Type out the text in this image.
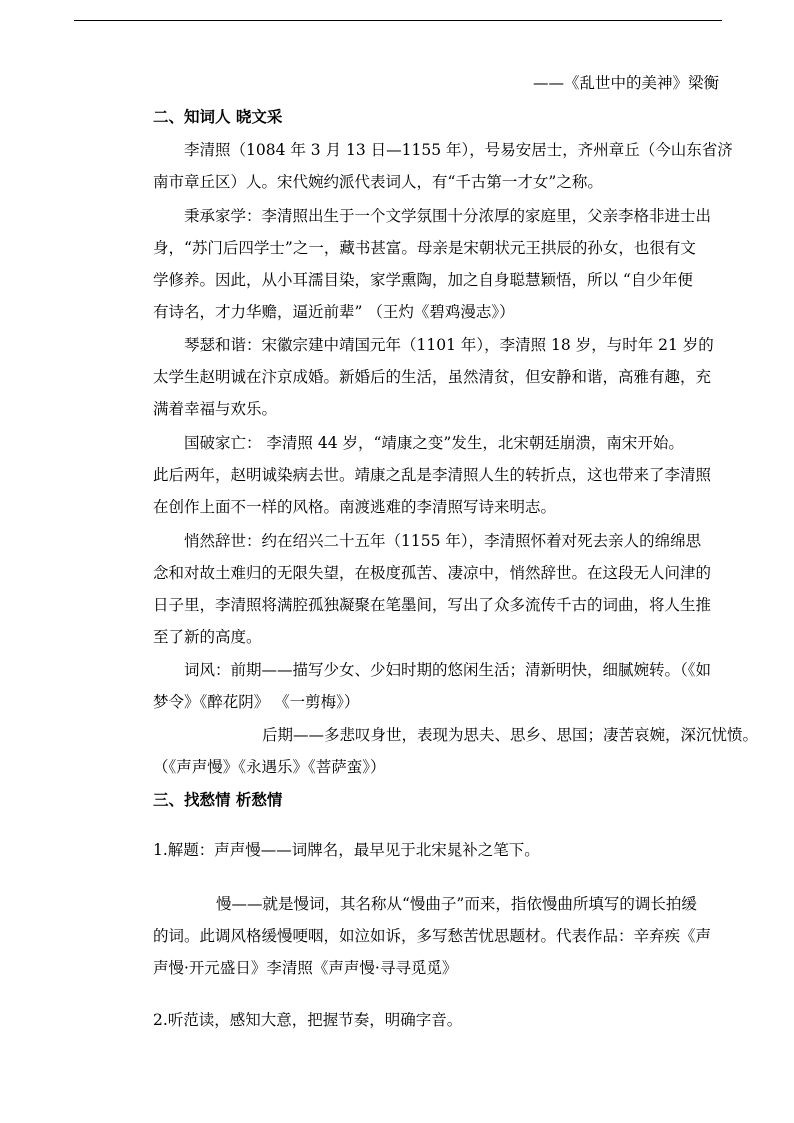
——《乱世中的美神》梁衡
二、知词人 晓文采
李清照（1084 年 3 月 13 日—1155 年），号易安居士，齐州章丘（今山东省济
南市章丘区）人。宋代婉约派代表词人，有“千古第一才女”之称。
秉承家学：李清照出生于一个文学氛围十分浓厚的家庭里，父亲李格非进士出
身，“苏门后四学士”之一，藏书甚富。母亲是宋朝状元王拱辰的孙女，也很有文
学修养。因此，从小耳濡目染，家学熏陶，加之自身聪慧颖悟，所以 “自少年便
有诗名，才力华赡，逼近前辈” （王灼《碧鸡漫志》）
琴瑟和谐：宋徽宗建中靖国元年（1101 年），李清照 18 岁，与时年 21 岁的
太学生赵明诚在汴京成婚。新婚后的生活，虽然清贫，但安静和谐，高雅有趣，充
满着幸福与欢乐。
国破家亡： 李清照 44 岁，“靖康之变”发生，北宋朝廷崩溃，南宋开始。
此后两年，赵明诚染病去世。靖康之乱是李清照人生的转折点，这也带来了李清照
在创作上面不一样的风格。南渡逃难的李清照写诗来明志。
悄然辞世：约在绍兴二十五年（1155 年），李清照怀着对死去亲人的绵绵思
念和对故土难归的无限失望，在极度孤苦、凄凉中，悄然辞世。在这段无人问津的
日子里，李清照将满腔孤独凝聚在笔墨间，写出了众多流传千古的词曲，将人生推
至了新的高度。
词风：前期——描写少女、少妇时期的悠闲生活；清新明快，细腻婉转。（《如
梦令》《醉花阴》 《一剪梅》）
后期——多悲叹身世，表现为思夫、思乡、思国；凄苦哀婉，深沉忧愤。
（《声声慢》《永遇乐》《菩萨蛮》）
三、找愁情 析愁情
1.解题：声声慢——词牌名，最早见于北宋晁补之笔下。
慢——就是慢词，其名称从“慢曲子”而来，指依慢曲所填写的调长拍缓
的词。此调风格缓慢哽咽，如泣如诉，多写愁苦忧思题材。代表作品：辛弃疾《声
声慢·开元盛日》李清照《声声慢·寻寻觅觅》
2.听范读，感知大意，把握节奏，明确字音。
